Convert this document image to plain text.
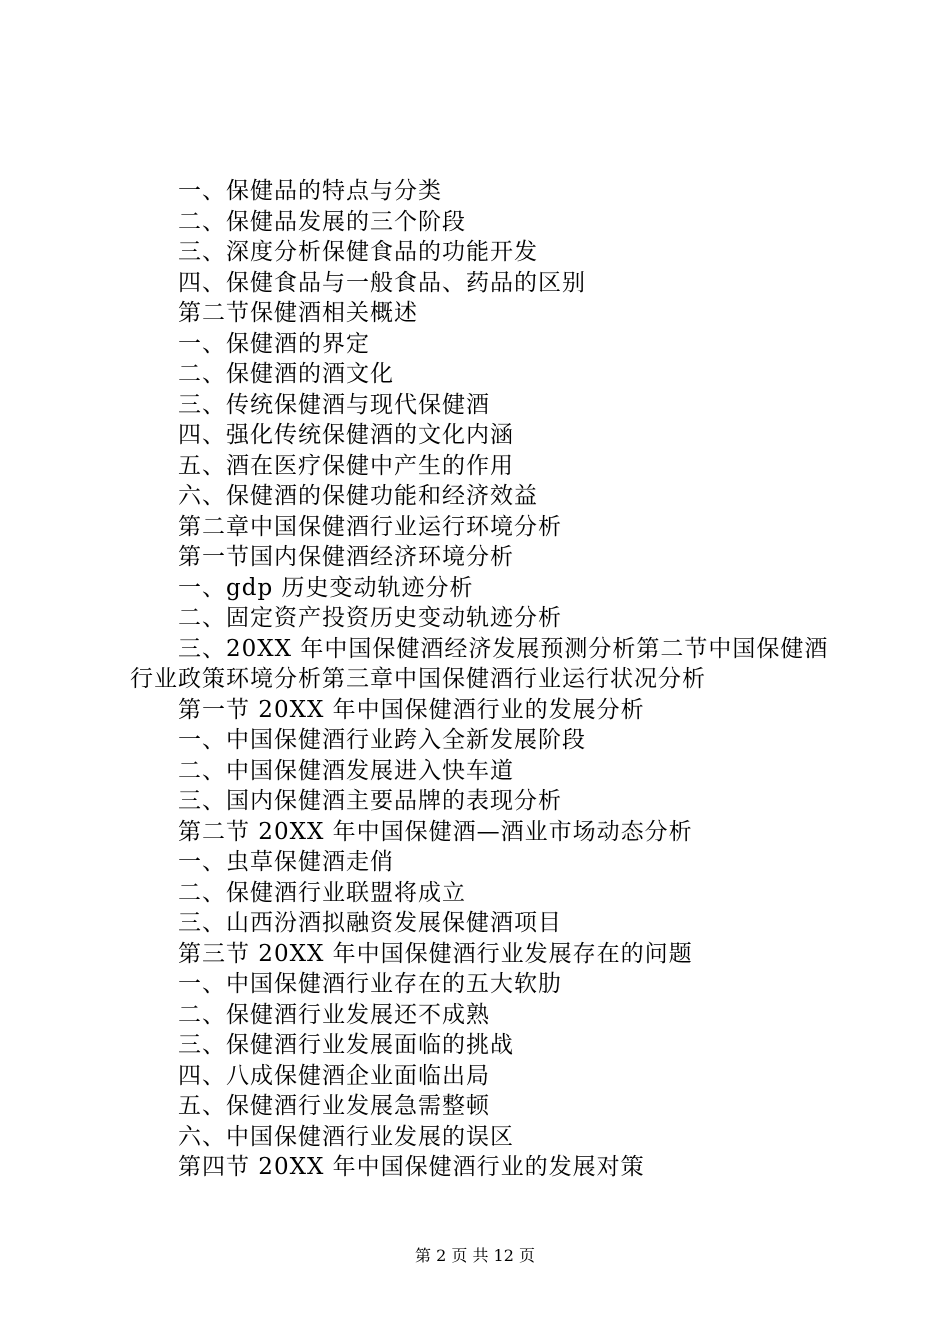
一、保健品的特点与分类
二、保健品发展的三个阶段
三、深度分析保健食品的功能开发
四、保健食品与一般食品、药品的区别
第二节保健酒相关概述
一、保健酒的界定
二、保健酒的酒文化
三、传统保健酒与现代保健酒
四、强化传统保健酒的文化内涵
五、酒在医疗保健中产生的作用
六、保健酒的保健功能和经济效益
第二章中国保健酒行业运行环境分析
第一节国内保健酒经济环境分析
一、gdp 历史变动轨迹分析
二、固定资产投资历史变动轨迹分析
三、20XX 年中国保健酒经济发展预测分析第二节中国保健酒行业政策环境分析第三章中国保健酒行业运行状况分析
第一节 20XX 年中国保健酒行业的发展分析
一、中国保健酒行业跨入全新发展阶段
二、中国保健酒发展进入快车道
三、国内保健酒主要品牌的表现分析
第二节 20XX 年中国保健酒—酒业市场动态分析
一、虫草保健酒走俏
二、保健酒行业联盟将成立
三、山西汾酒拟融资发展保健酒项目
第三节 20XX 年中国保健酒行业发展存在的问题
一、中国保健酒行业存在的五大软肋
二、保健酒行业发展还不成熟
三、保健酒行业发展面临的挑战
四、八成保健酒企业面临出局
五、保健酒行业发展急需整顿
六、中国保健酒行业发展的误区
第四节 20XX 年中国保健酒行业的发展对策
第 2 页 共 12 页
